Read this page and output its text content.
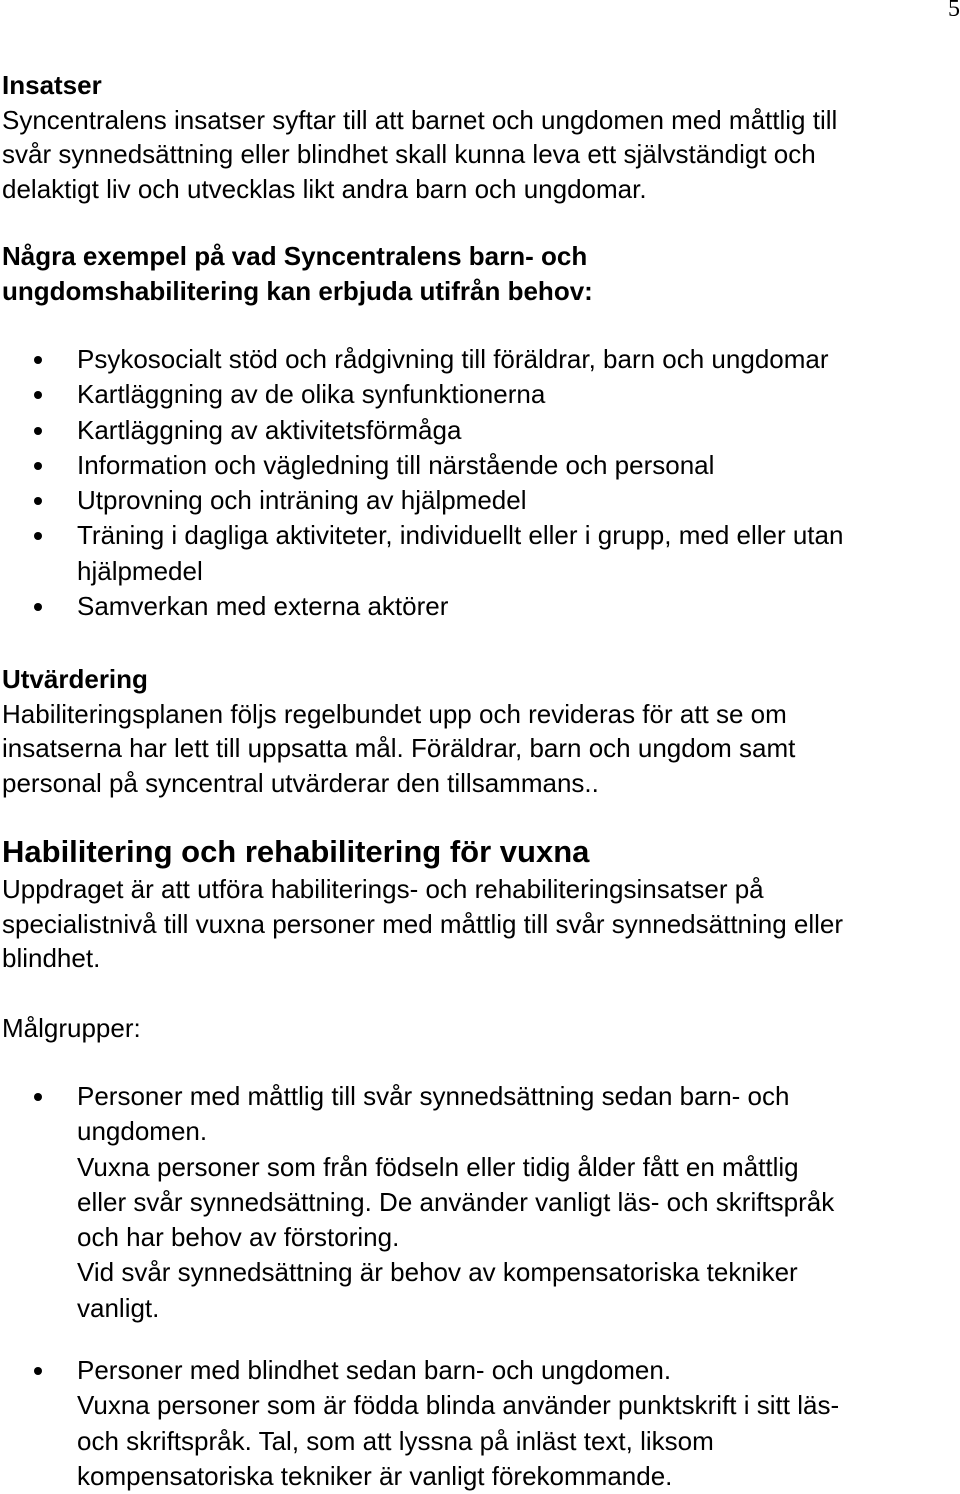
5
Insatser
Syncentralens insatser syftar till att barnet och ungdomen med måttlig till
svår synnedsättning eller blindhet skall kunna leva ett självständigt och
delaktigt liv och utvecklas likt andra barn och ungdomar.
Några exempel på vad Syncentralens barn- och
ungdomshabilitering kan erbjuda utifrån behov:
Psykosocialt stöd och rådgivning till föräldrar, barn och ungdomar
Kartläggning av de olika synfunktionerna
Kartläggning av aktivitetsförmåga
Information och vägledning till närstående och personal
Utprovning och inträning av hjälpmedel
Träning i dagliga aktiviteter, individuellt eller i grupp, med eller utan
hjälpmedel
Samverkan med externa aktörer
Utvärdering
Habiliteringsplanen följs regelbundet upp och revideras för att se om
insatserna har lett till uppsatta mål. Föräldrar, barn och ungdom samt
personal på syncentral utvärderar den tillsammans..
Habilitering och rehabilitering för vuxna
Uppdraget är att utföra habiliterings- och rehabiliteringsinsatser på
specialistnivå till vuxna personer med måttlig till svår synnedsättning eller
blindhet.
Målgrupper:
Personer med måttlig till svår synnedsättning sedan barn- och
ungdomen.
Vuxna personer som från födseln eller tidig ålder fått en måttlig
eller svår synnedsättning. De använder vanligt läs- och skriftspråk
och har behov av förstoring.
Vid svår synnedsättning är behov av kompensatoriska tekniker
vanligt.
Personer med blindhet sedan barn- och ungdomen.
Vuxna personer som är födda blinda använder punktskrift i sitt läs-
och skriftspråk. Tal, som att lyssna på inläst text, liksom
kompensatoriska tekniker är vanligt förekommande.
